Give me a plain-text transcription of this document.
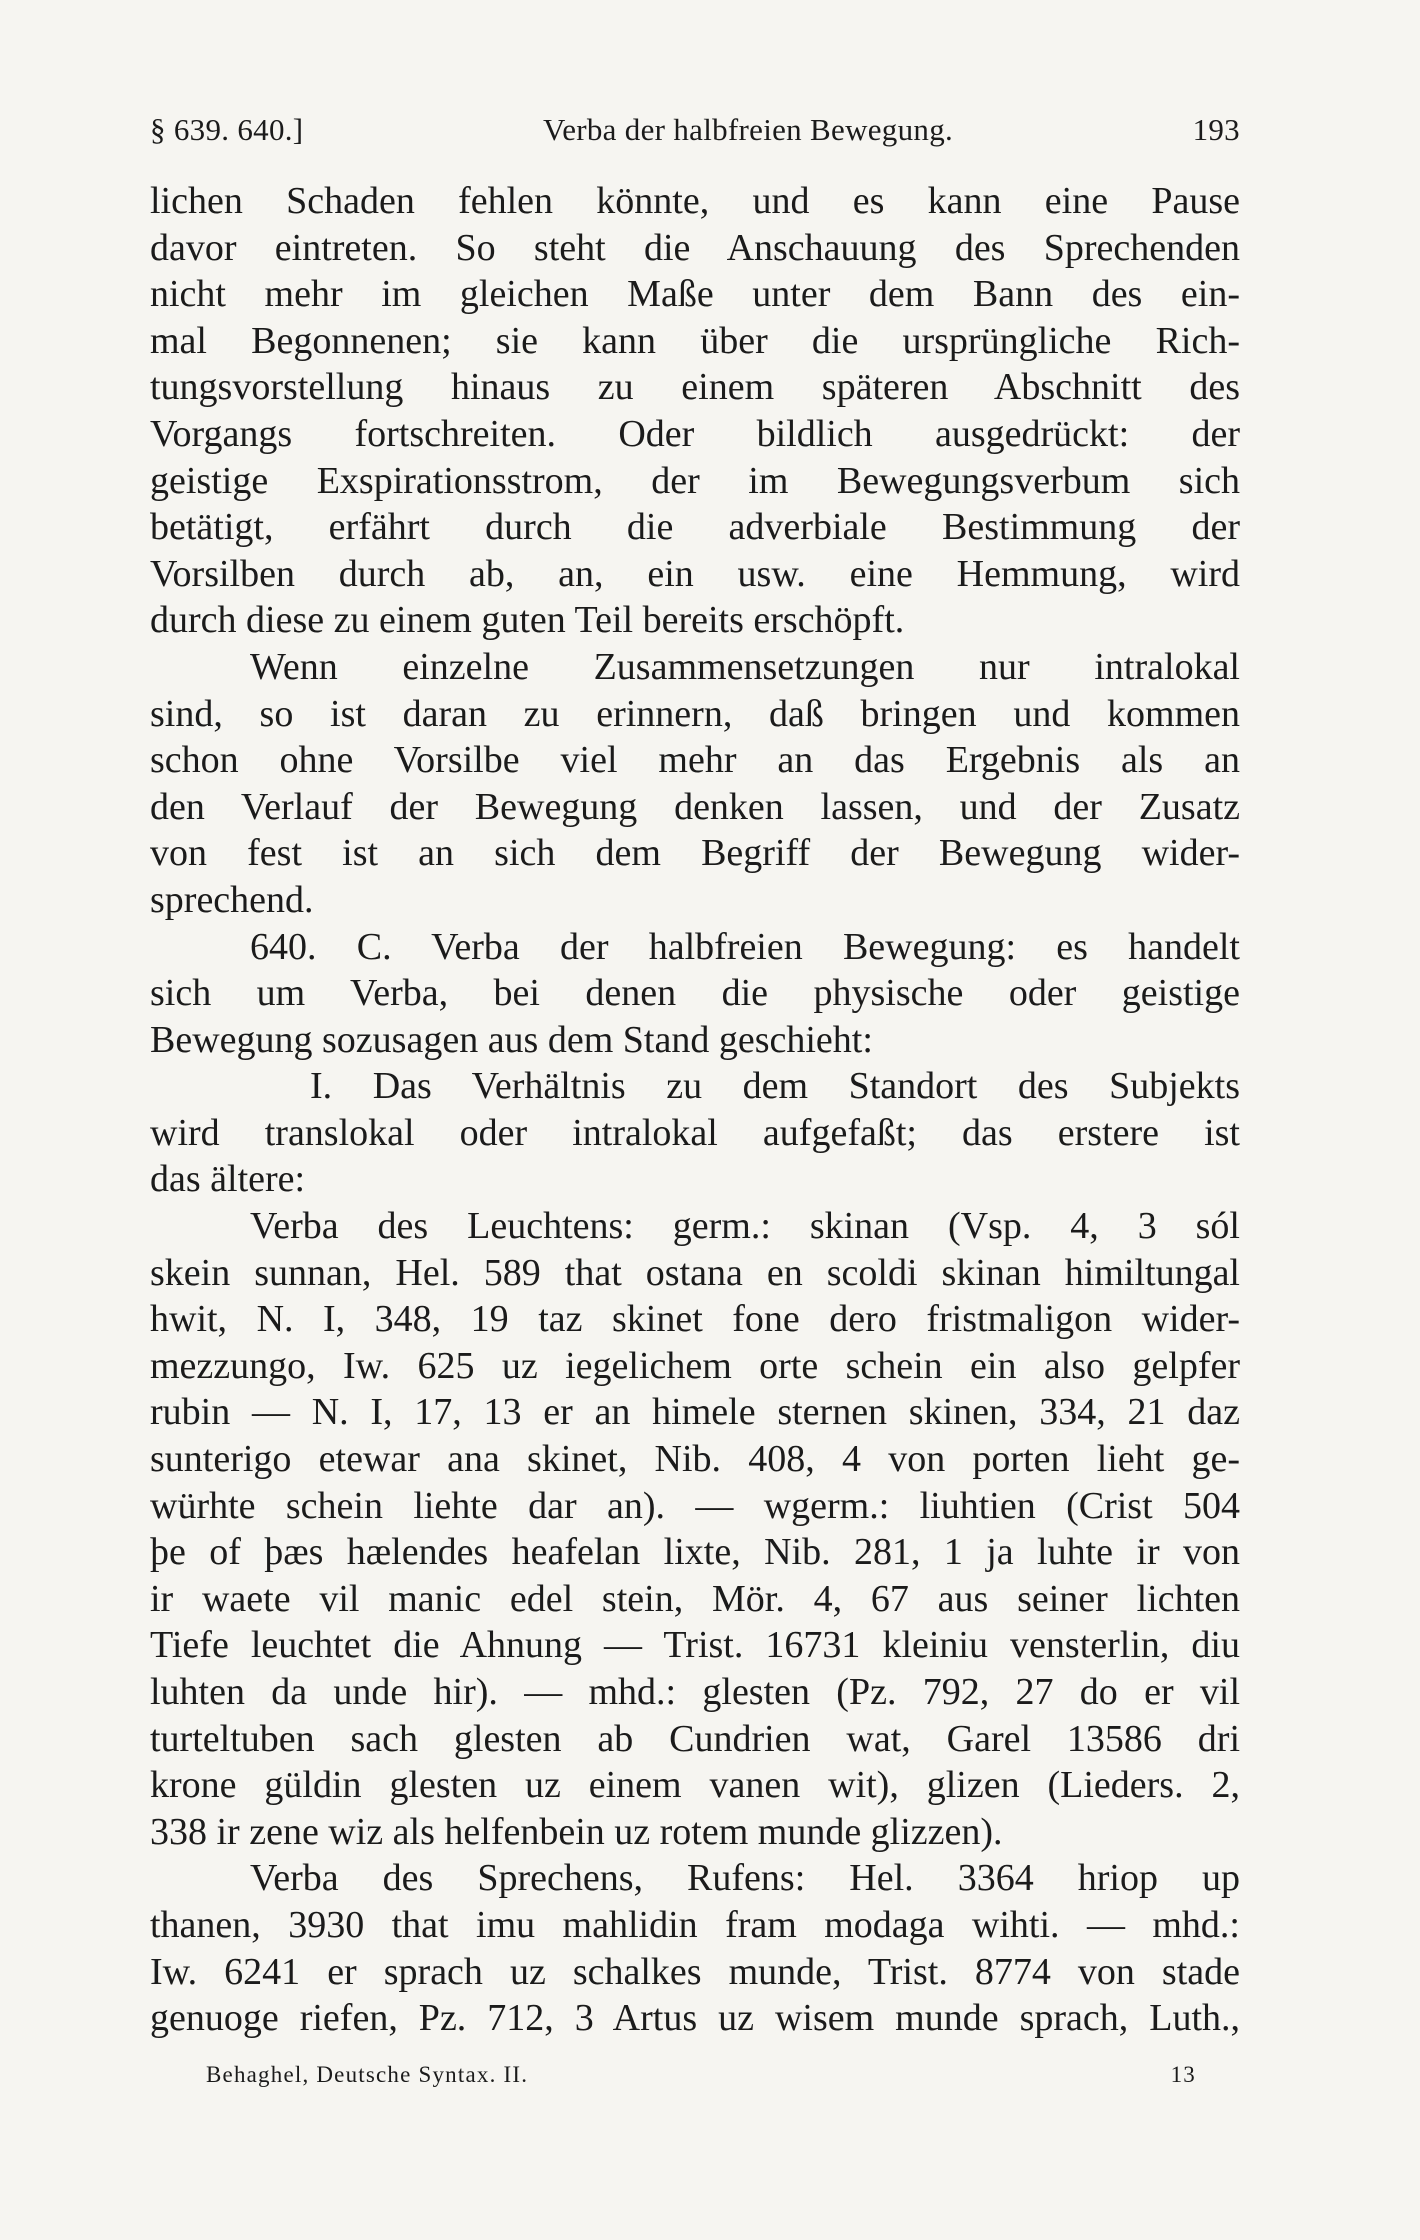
§ 639. 640.]	Verba der halbfreien Bewegung.	193
lichen Schaden fehlen könnte, und es kann eine Pause
davor eintreten. So steht die Anschauung des Sprechenden
nicht mehr im gleichen Maße unter dem Bann des ein-
mal Begonnenen; sie kann über die ursprüngliche Rich-
tungsvorstellung hinaus zu einem späteren Abschnitt des
Vorgangs fortschreiten. Oder bildlich ausgedrückt: der
geistige Exspirationsstrom, der im Bewegungsverbum sich
betätigt, erfährt durch die adverbiale Bestimmung der
Vorsilben durch ab, an, ein usw. eine Hemmung, wird
durch diese zu einem guten Teil bereits erschöpft.
Wenn einzelne Zusammensetzungen nur intralokal
sind, so ist daran zu erinnern, daß bringen und kommen
schon ohne Vorsilbe viel mehr an das Ergebnis als an
den Verlauf der Bewegung denken lassen, und der Zusatz
von fest ist an sich dem Begriff der Bewegung wider-
sprechend.
640. C. Verba der halbfreien Bewegung: es handelt
sich um Verba, bei denen die physische oder geistige
Bewegung sozusagen aus dem Stand geschieht:
I. Das Verhältnis zu dem Standort des Subjekts
wird translokal oder intralokal aufgefaßt; das erstere ist
das ältere:
Verba des Leuchtens: germ.: skinan (Vsp. 4, 3 sól
skein sunnan, Hel. 589 that ostana en scoldi skinan himiltungal
hwit, N. I, 348, 19 taz skinet fone dero fristmaligon wider-
mezzungo, Iw. 625 uz iegelichem orte schein ein also gelpfer
rubin — N. I, 17, 13 er an himele sternen skinen, 334, 21 daz
sunterigo etewar ana skinet, Nib. 408, 4 von porten lieht ge-
würhte schein liehte dar an). — wgerm.: liuhtien (Crist 504
þe of þæs hælendes heafelan lixte, Nib. 281, 1 ja luhte ir von
ir waete vil manic edel stein, Mör. 4, 67 aus seiner lichten
Tiefe leuchtet die Ahnung — Trist. 16731 kleiniu vensterlin, diu
luhten da unde hir). — mhd.: glesten (Pz. 792, 27 do er vil
turteltuben sach glesten ab Cundrien wat, Garel 13586 dri
krone güldin glesten uz einem vanen wit), glizen (Lieders. 2,
338 ir zene wiz als helfenbein uz rotem munde glizzen).
Verba des Sprechens, Rufens: Hel. 3364 hriop up
thanen, 3930 that imu mahlidin fram modaga wihti. — mhd.:
Iw. 6241 er sprach uz schalkes munde, Trist. 8774 von stade
genuoge riefen, Pz. 712, 3 Artus uz wisem munde sprach, Luth.,
Behaghel, Deutsche Syntax. II.	13
